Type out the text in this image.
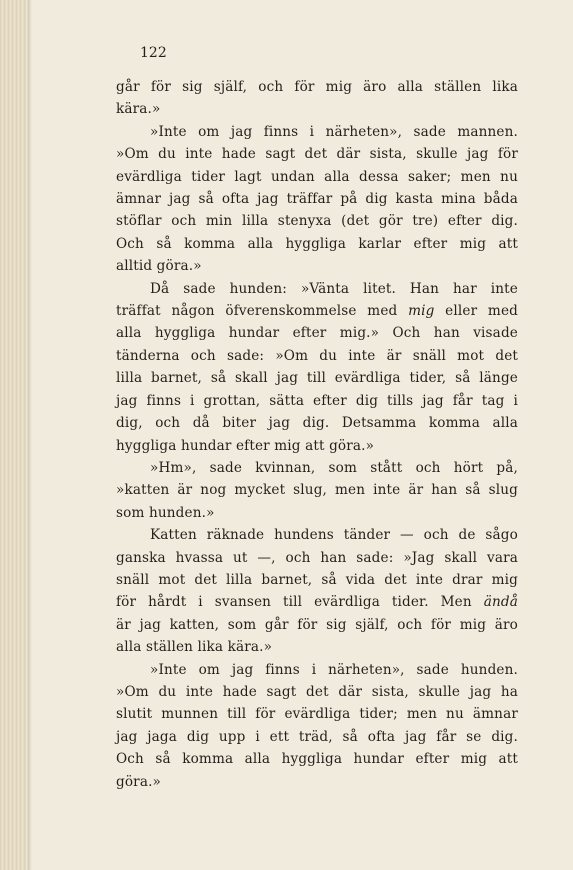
122
går för sig själf, och för mig äro alla ställen lika
kära.»
»Inte om jag finns i närheten», sade mannen.
»Om du inte hade sagt det där sista, skulle jag för
evärdliga tider lagt undan alla dessa saker; men nu
ämnar jag så ofta jag träffar på dig kasta mina båda
stöflar och min lilla stenyxa (det gör tre) efter dig.
Och så komma alla hyggliga karlar efter mig att
alltid göra.»
Då sade hunden: »Vänta litet. Han har inte
träffat någon öfverenskommelse med mig eller med
alla hyggliga hundar efter mig.» Och han visade
tänderna och sade: »Om du inte är snäll mot det
lilla barnet, så skall jag till evärdliga tider, så länge
jag finns i grottan, sätta efter dig tills jag får tag i
dig, och då biter jag dig. Detsamma komma alla
hyggliga hundar efter mig att göra.»
»Hm», sade kvinnan, som stått och hört på,
»katten är nog mycket slug, men inte är han så slug
som hunden.»
Katten räknade hundens tänder — och de sågo
ganska hvassa ut —, och han sade: »Jag skall vara
snäll mot det lilla barnet, så vida det inte drar mig
för hårdt i svansen till evärdliga tider. Men ändå
är jag katten, som går för sig själf, och för mig äro
alla ställen lika kära.»
»Inte om jag finns i närheten», sade hunden.
»Om du inte hade sagt det där sista, skulle jag ha
slutit munnen till för evärdliga tider; men nu ämnar
jag jaga dig upp i ett träd, så ofta jag får se dig.
Och så komma alla hyggliga hundar efter mig att
göra.»
